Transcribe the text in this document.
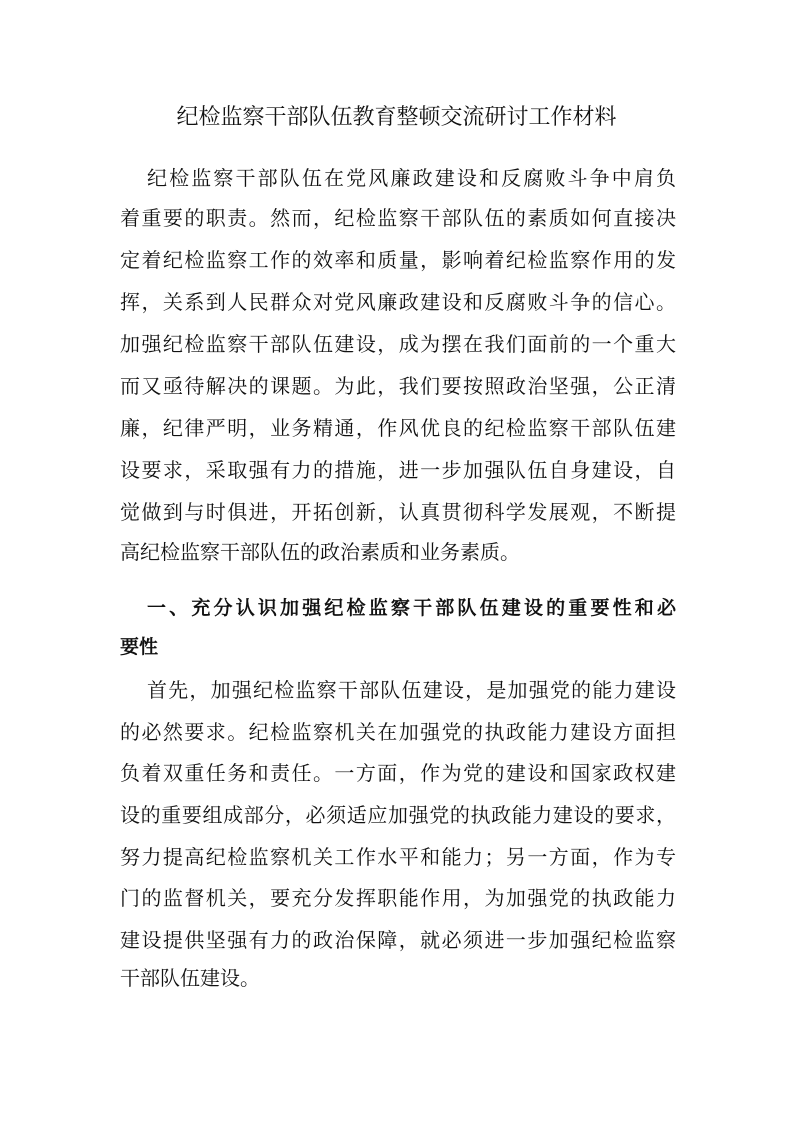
纪检监察干部队伍教育整顿交流研讨工作材料
纪检监察干部队伍在党风廉政建设和反腐败斗争中肩负
着重要的职责。然而，纪检监察干部队伍的素质如何直接决
定着纪检监察工作的效率和质量，影响着纪检监察作用的发
挥，关系到人民群众对党风廉政建设和反腐败斗争的信心。
加强纪检监察干部队伍建设，成为摆在我们面前的一个重大
而又亟待解决的课题。为此，我们要按照政治坚强，公正清
廉，纪律严明，业务精通，作风优良的纪检监察干部队伍建
设要求，采取强有力的措施，进一步加强队伍自身建设，自
觉做到与时俱进，开拓创新，认真贯彻科学发展观，不断提
高纪检监察干部队伍的政治素质和业务素质。
一、充分认识加强纪检监察干部队伍建设的重要性和必
要性
首先，加强纪检监察干部队伍建设，是加强党的能力建设
的必然要求。纪检监察机关在加强党的执政能力建设方面担
负着双重任务和责任。一方面，作为党的建设和国家政权建
设的重要组成部分，必须适应加强党的执政能力建设的要求，
努力提高纪检监察机关工作水平和能力；另一方面，作为专
门的监督机关，要充分发挥职能作用，为加强党的执政能力
建设提供坚强有力的政治保障，就必须进一步加强纪检监察
干部队伍建设。
